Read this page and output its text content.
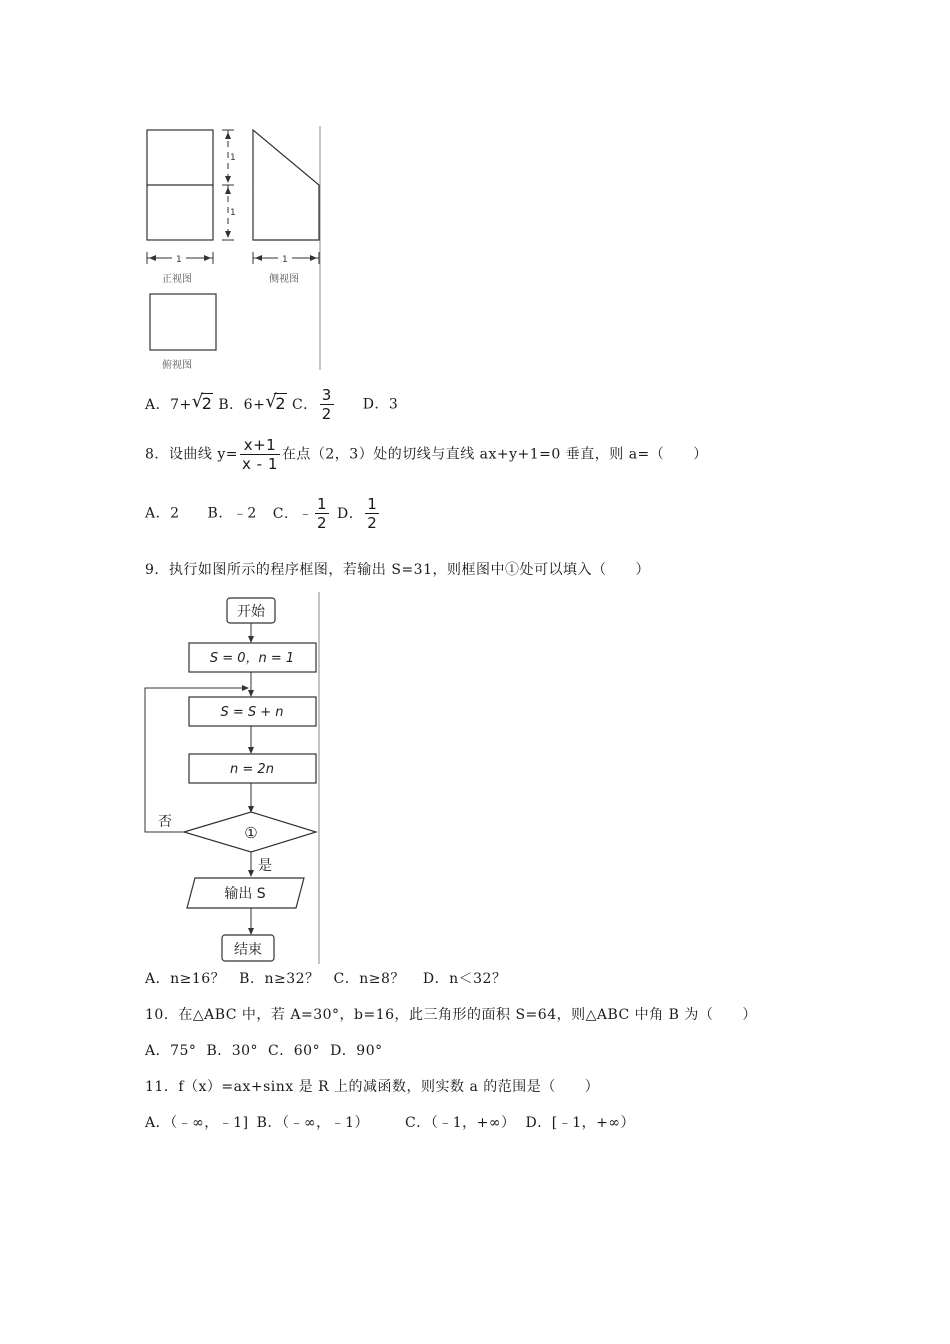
1
1
1	1
正视图	侧视图
俯视图
A．7+ √
2 B．6+ √
2 C． $\frac{3}{2}$ D．3
8．设曲线 $y= \frac{x+1}{x - 1}$ 在点（2，3）处的切线与直线 ax+y+1=0 垂直，则 a=（　　）
A．2 B．﹣2 C．﹣ $\frac{1}{2}$ D． $\frac{1}{2}$
9．执行如图所示的程序框图，若输出 S=31，则框图中①处可以填入（　　）
开始
S = 0，n = 1
S = S + n
n = 2n
①
否
是
输出 S
结束
A．n≥16？ B．n≥32？ C．n≥8？ D．n＜32？
10．在△ABC 中，若 A=30°，b=16，此三角形的面积 S=64，则△ABC 中角 B 为（　　）
A．75° B．30° C．60° D．90°
11．f（x）=ax+sinx 是 R 上的减函数，则实数 a 的范围是（　　）
A．（﹣∞，﹣1] B．（﹣∞，﹣1）	C．（﹣1，+∞） D．[﹣1，+∞）
